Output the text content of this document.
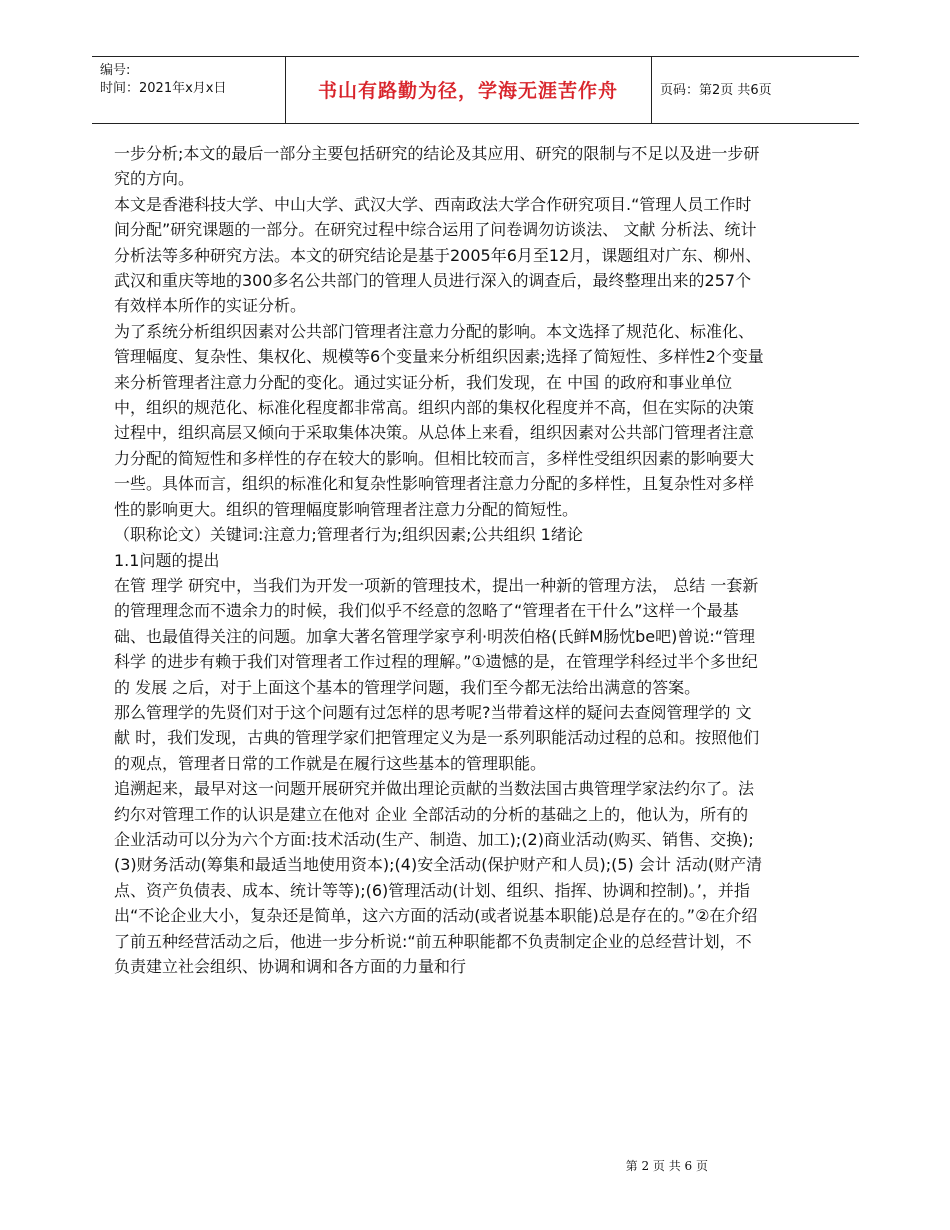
编号:
时间：2021年x月x日	书山有路勤为径，学海无涯苦作舟	页码：第2页 共6页

一步分析;本文的最后一部分主要包括研究的结论及其应用、研究的限制与不足以及进一步研究的方向。

本文是香港科技大学、中山大学、武汉大学、西南政法大学合作研究项目.“管理人员工作时间分配”研究课题的一部分。在研究过程中综合运用了问卷调勿访谈法、 文献 分析法、统计分析法等多种研究方法。本文的研究结论是基于2005年6月至12月，课题组对广东、柳州、武汉和重庆等地的300多名公共部门的管理人员进行深入的调查后，最终整理出来的257个有效样本所作的实证分析。

为了系统分析组织因素对公共部门管理者注意力分配的影响。本文选择了规范化、标准化、管理幅度、复杂性、集权化、规模等6个变量来分析组织因素;选择了简短性、多样性2个变量来分析管理者注意力分配的变化。通过实证分析，我们发现，在 中国 的政府和事业单位中，组织的规范化、标准化程度都非常高。组织内部的集权化程度并不高，但在实际的决策过程中，组织高层又倾向于采取集体决策。从总体上来看，组织因素对公共部门管理者注意力分配的简短性和多样性的存在较大的影响。但相比较而言，多样性受组织因素的影响要大一些。具体而言，组织的标准化和复杂性影响管理者注意力分配的多样性，且复杂性对多样性的影响更大。组织的管理幅度影响管理者注意力分配的简短性。

（职称论文）关键词:注意力;管理者行为;组织因素;公共组织 1绪论

1.1问题的提出

在管 理学 研究中，当我们为开发一项新的管理技术，提出一种新的管理方法， 总结 一套新的管理理念而不遗余力的时候，我们似乎不经意的忽略了“管理者在干什么”这样一个最基础、也最值得关注的问题。加拿大著名管理学家亨利·明茨伯格(氏鲜M肠忱be吧)曾说:“管理 科学 的进步有赖于我们对管理者工作过程的理解。”①遗憾的是，在管理学科经过半个多世纪的 发展 之后，对于上面这个基本的管理学问题，我们至今都无法给出满意的答案。

那么管理学的先贤们对于这个问题有过怎样的思考呢?当带着这样的疑问去查阅管理学的 文献 时，我们发现，古典的管理学家们把管理定义为是一系列职能活动过程的总和。按照他们的观点，管理者日常的工作就是在履行这些基本的管理职能。

追溯起来，最早对这一问题开展研究并做出理论贡献的当数法国古典管理学家法约尔了。法约尔对管理工作的认识是建立在他对 企业 全部活动的分析的基础之上的，他认为，所有的企业活动可以分为六个方面:技术活动(生产、制造、加工);(2)商业活动(购买、销售、交换);(3)财务活动(筹集和最适当地使用资本);(4)安全活动(保护财产和人员);(5) 会计 活动(财产清点、资产负债表、成本、统计等等);(6)管理活动(计划、组织、指挥、协调和控制)。’，并指出“不论企业大小，复杂还是简单，这六方面的活动(或者说基本职能)总是存在的。”②在介绍了前五种经营活动之后，他进一步分析说:“前五种职能都不负责制定企业的总经营计划，不负责建立社会组织、协调和调和各方面的力量和行

第 2 页 共 6 页
